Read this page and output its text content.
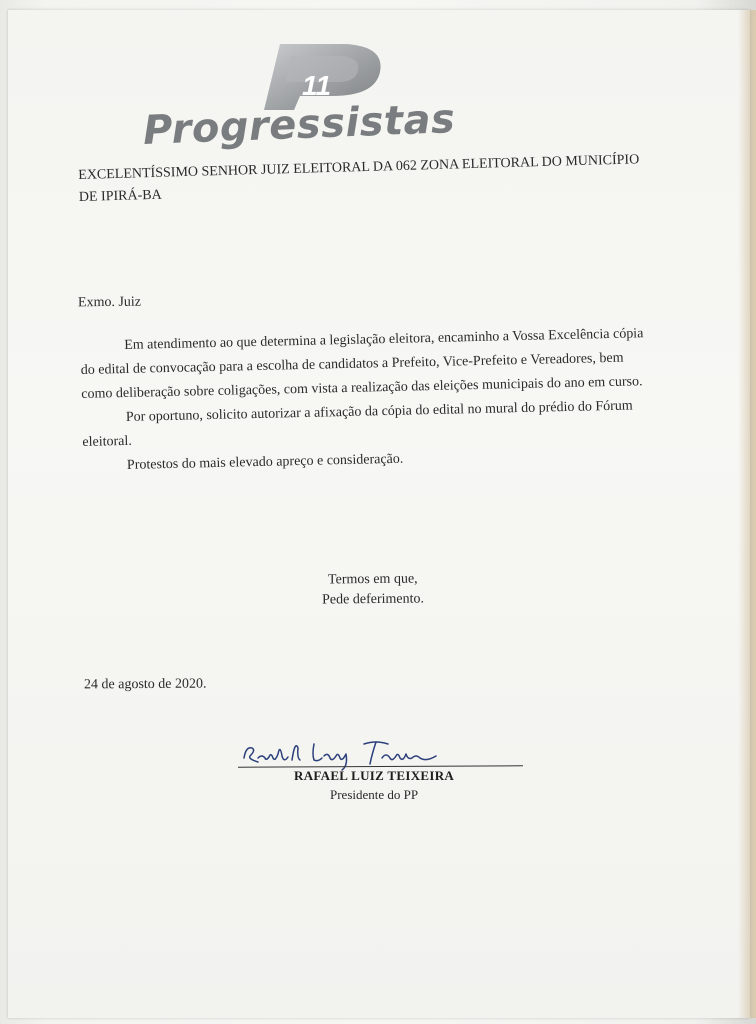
11
Progressistas
EXCELENTÍSSIMO SENHOR JUIZ ELEITORAL DA 062 ZONA ELEITORAL DO MUNICÍPIO
DE IPIRÁ-BA
Exmo. Juiz
Em atendimento ao que determina a legislação eleitora, encaminho a Vossa Excelência cópia
do edital de convocação para a escolha de candidatos a Prefeito, Vice-Prefeito e Vereadores, bem
como deliberação sobre coligações, com vista a realização das eleições municipais do ano em curso.
Por oportuno, solicito autorizar a afixação da cópia do edital no mural do prédio do Fórum
eleitoral.
Protestos do mais elevado apreço e consideração.
Termos em que,
Pede deferimento.
24 de agosto de 2020.
RAFAEL LUIZ TEIXEIRA
Presidente do PP
